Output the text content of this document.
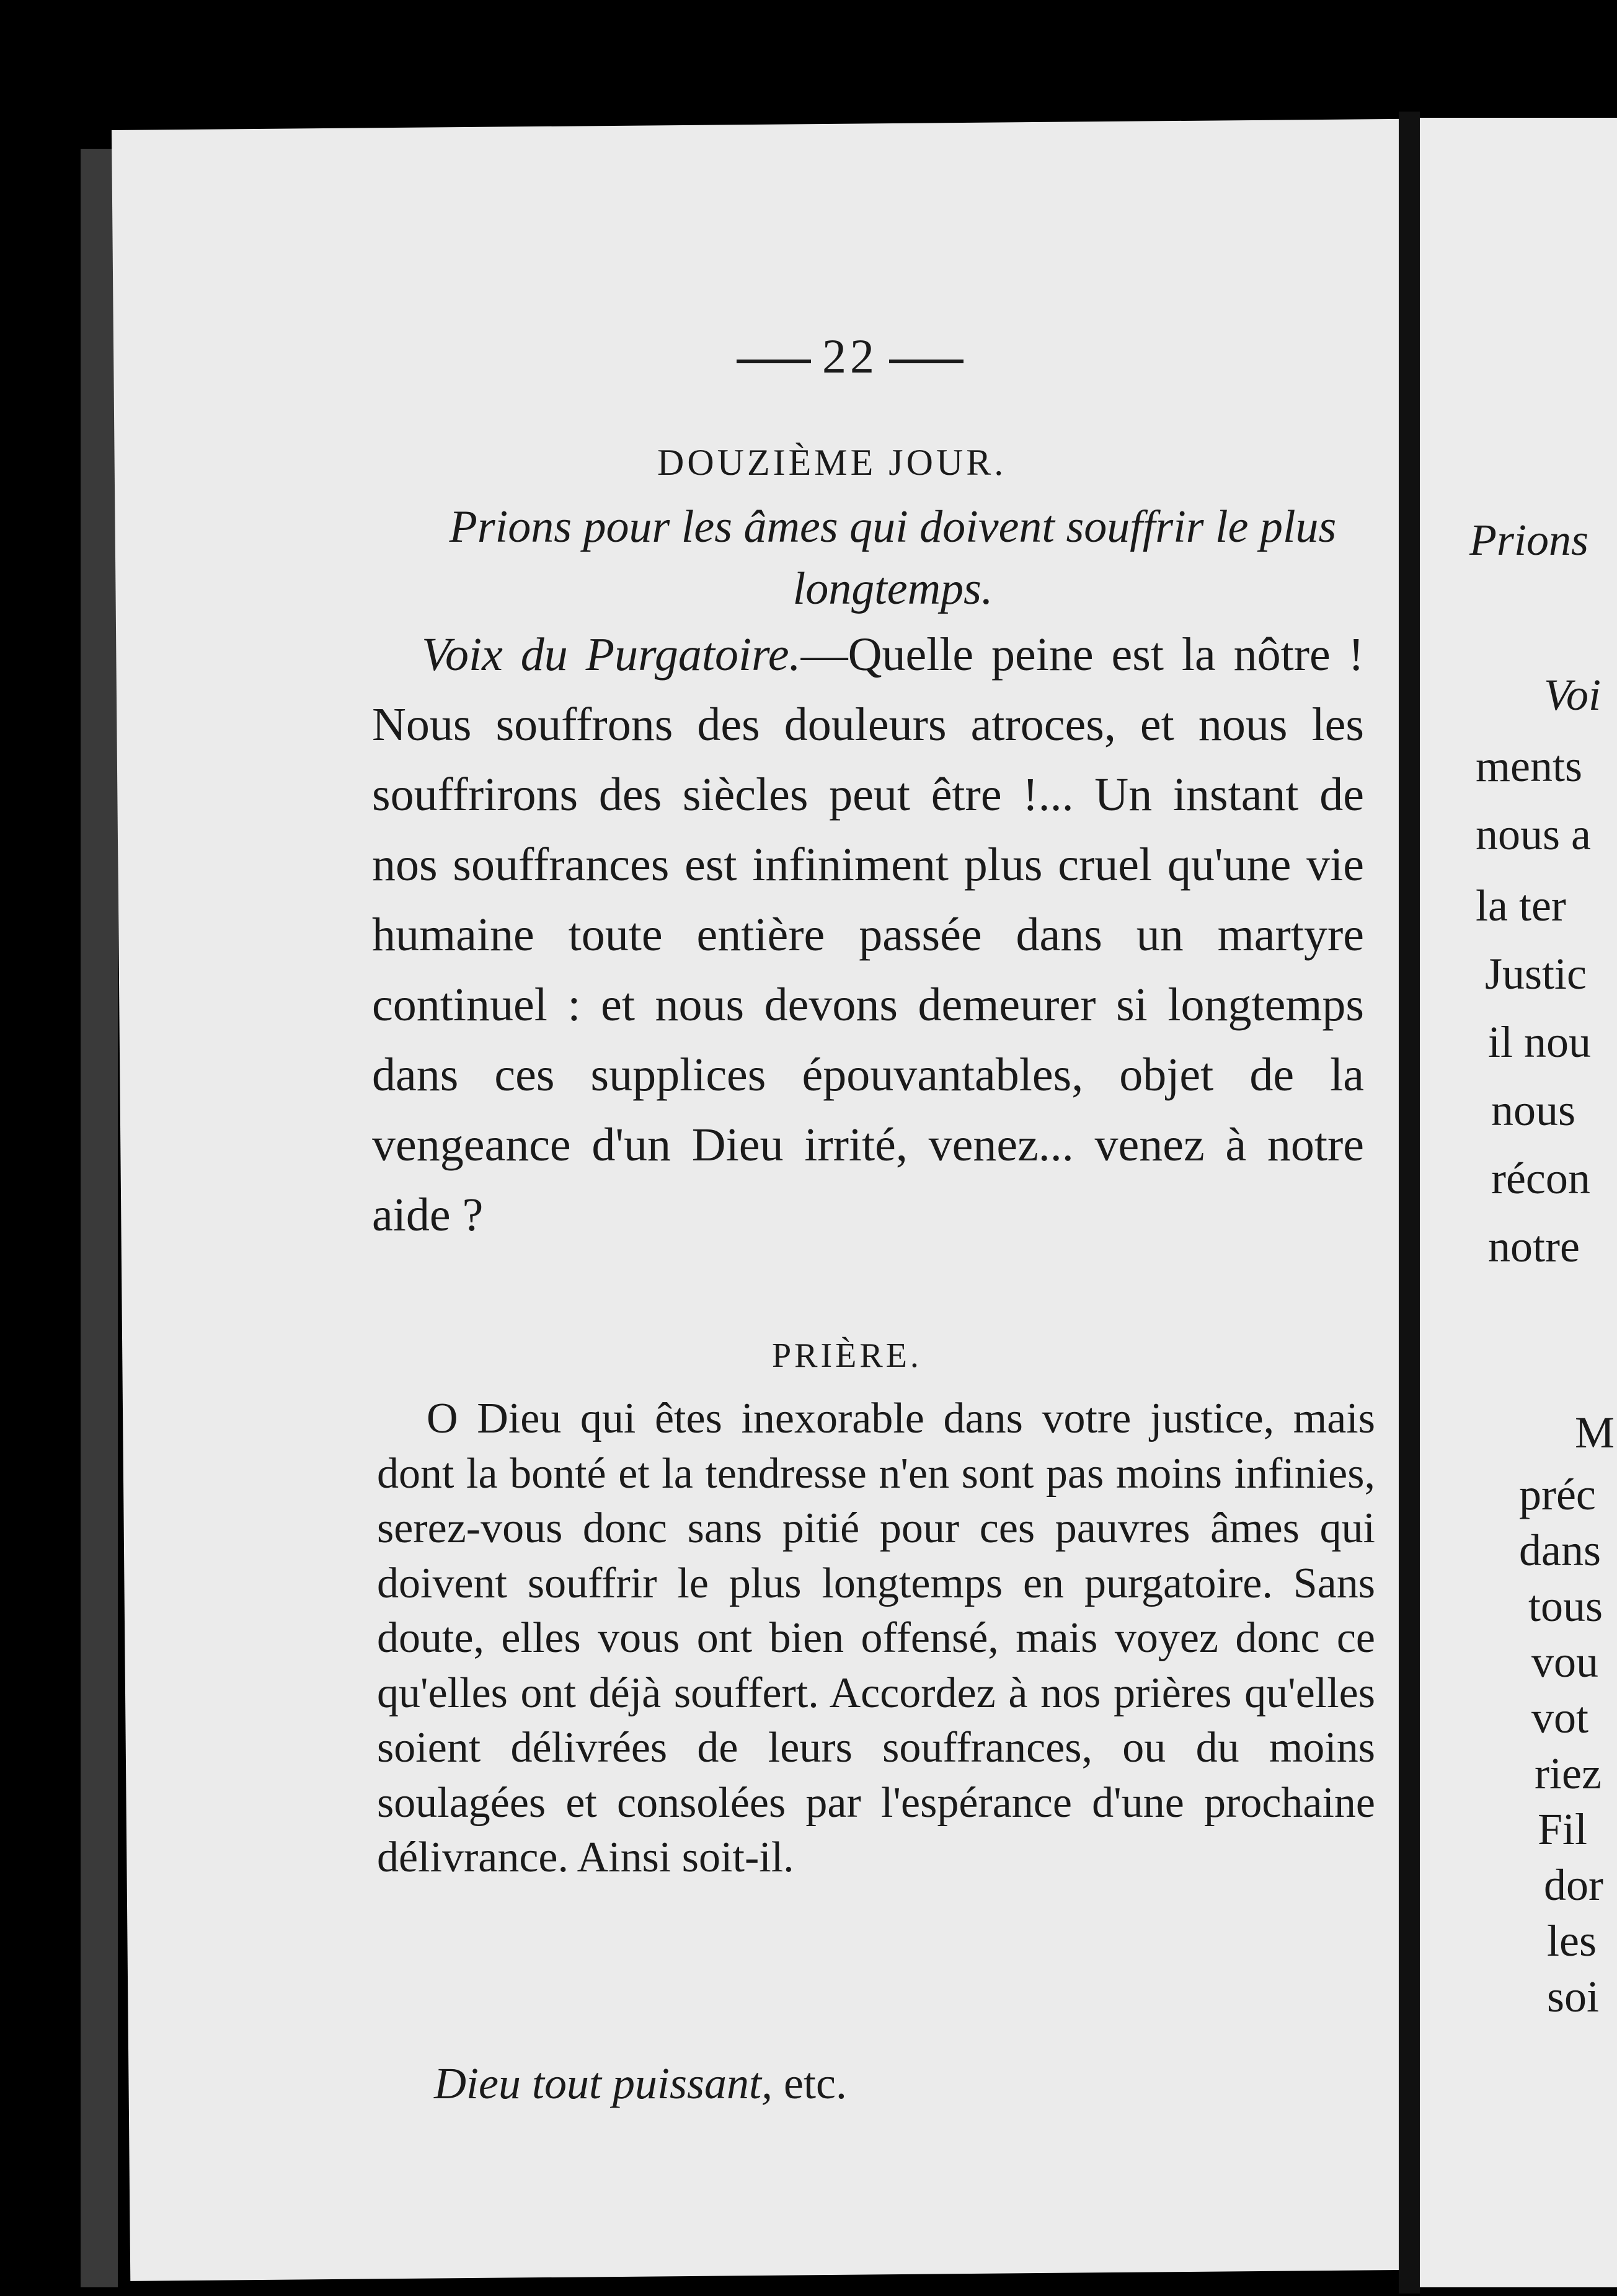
22
DOUZIÈME JOUR.
Prions pour les âmes qui doivent souffrir le plus longtemps.
Voix du Purgatoire.—Quelle peine est la nôtre ! Nous souffrons des douleurs atroces, et nous les souffrirons des siècles peut être !... Un instant de nos souffrances est infiniment plus cruel qu'une vie humaine toute entière passée dans un martyre continuel : et nous devons demeurer si longtemps dans ces supplices épouvantables, objet de la vengeance d'un Dieu irrité, venez... venez à notre aide ?
PRIÈRE.
O Dieu qui êtes inexorable dans votre justice, mais dont la bonté et la tendresse n'en sont pas moins infinies, serez-vous donc sans pitié pour ces pauvres âmes qui doivent souffrir le plus longtemps en purgatoire. Sans doute, elles vous ont bien offensé, mais voyez donc ce qu'elles ont déjà souffert. Accordez à nos prières qu'elles soient délivrées de leurs souffrances, ou du moins soulagées et consolées par l'espérance d'une prochaine délivrance. Ainsi soit-il.
Dieu tout puissant, etc.
Prions
Voi
ments
nous a
la ter
Justic
il nou
nous
récon
notre
M
préc
dans
tous
vou
vot
riez
Fil
dor
les
soi
